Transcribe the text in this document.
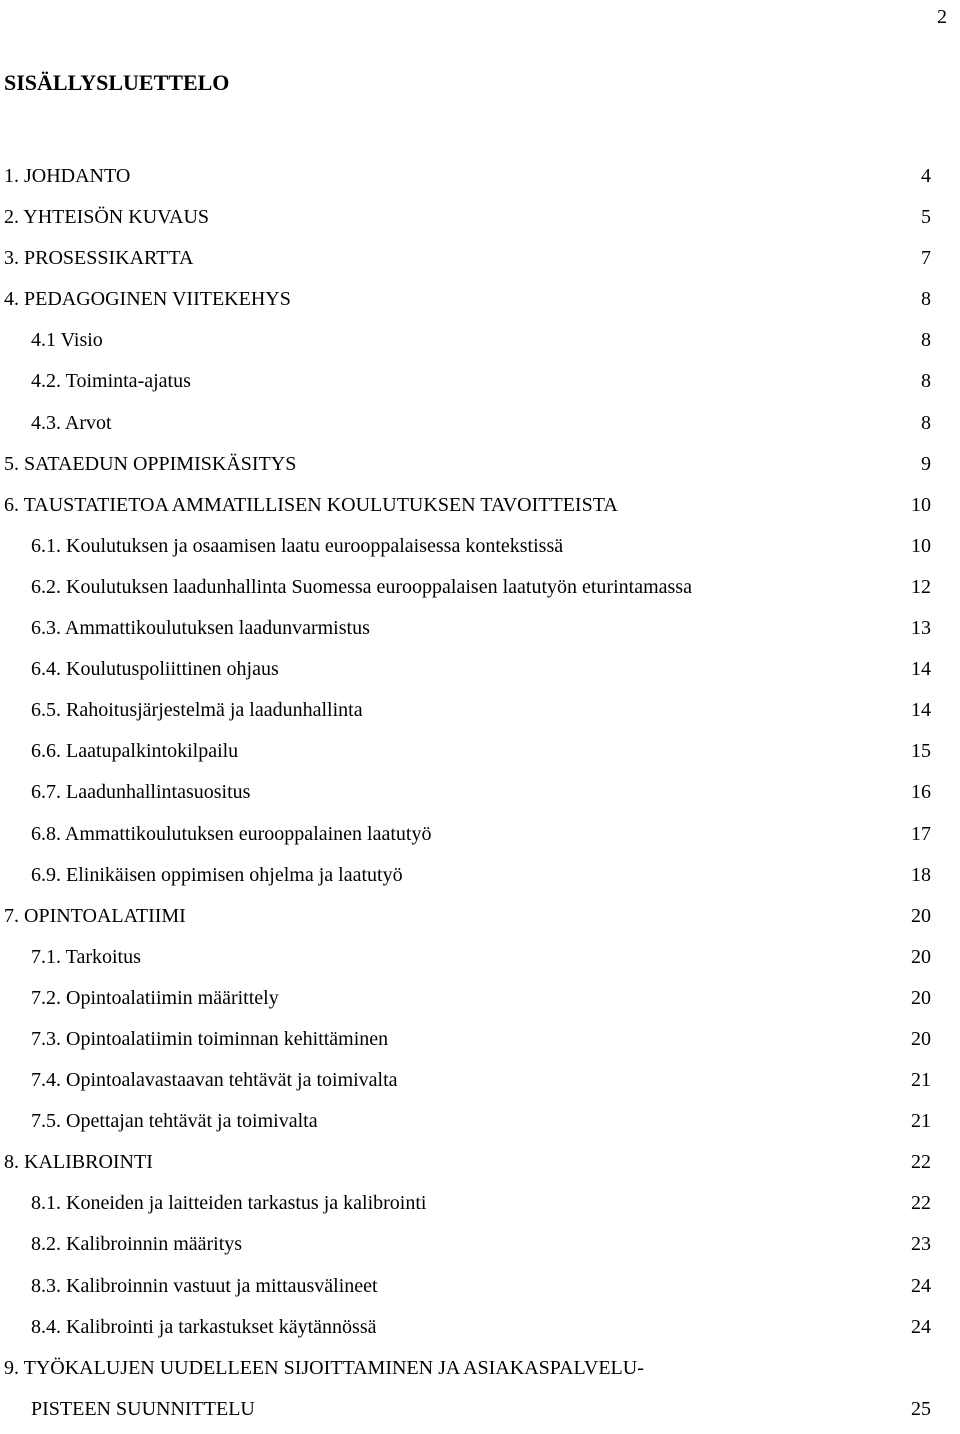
2
SISÄLLYSLUETTELO
1. JOHDANTO	4
2. YHTEISÖN KUVAUS	5
3. PROSESSIKARTTA	7
4. PEDAGOGINEN VIITEKEHYS	8
4.1 Visio	8
4.2. Toiminta-ajatus	8
4.3. Arvot	8
5. SATAEDUN OPPIMISKÄSITYS	9
6. TAUSTATIETOA AMMATILLISEN KOULUTUKSEN TAVOITTEISTA	10
6.1. Koulutuksen ja osaamisen laatu eurooppalaisessa kontekstissä	10
6.2. Koulutuksen laadunhallinta Suomessa eurooppalaisen laatutyön eturintamassa	12
6.3. Ammattikoulutuksen laadunvarmistus	13
6.4. Koulutuspoliittinen ohjaus	14
6.5. Rahoitusjärjestelmä ja laadunhallinta	14
6.6. Laatupalkintokilpailu	15
6.7. Laadunhallintasuositus	16
6.8. Ammattikoulutuksen eurooppalainen laatutyö	17
6.9. Elinikäisen oppimisen ohjelma ja laatutyö	18
7. OPINTOALATIIMI	20
7.1. Tarkoitus	20
7.2. Opintoalatiimin määrittely	20
7.3. Opintoalatiimin toiminnan kehittäminen	20
7.4. Opintoalavastaavan tehtävät ja toimivalta	21
7.5. Opettajan tehtävät ja toimivalta	21
8. KALIBROINTI	22
8.1. Koneiden ja laitteiden tarkastus ja kalibrointi	22
8.2. Kalibroinnin määritys	23
8.3. Kalibroinnin vastuut ja mittausvälineet	24
8.4. Kalibrointi ja tarkastukset käytännössä	24
9. TYÖKALUJEN UUDELLEEN SIJOITTAMINEN JA ASIAKASPALVELU-
PISTEEN SUUNNITTELU	25
